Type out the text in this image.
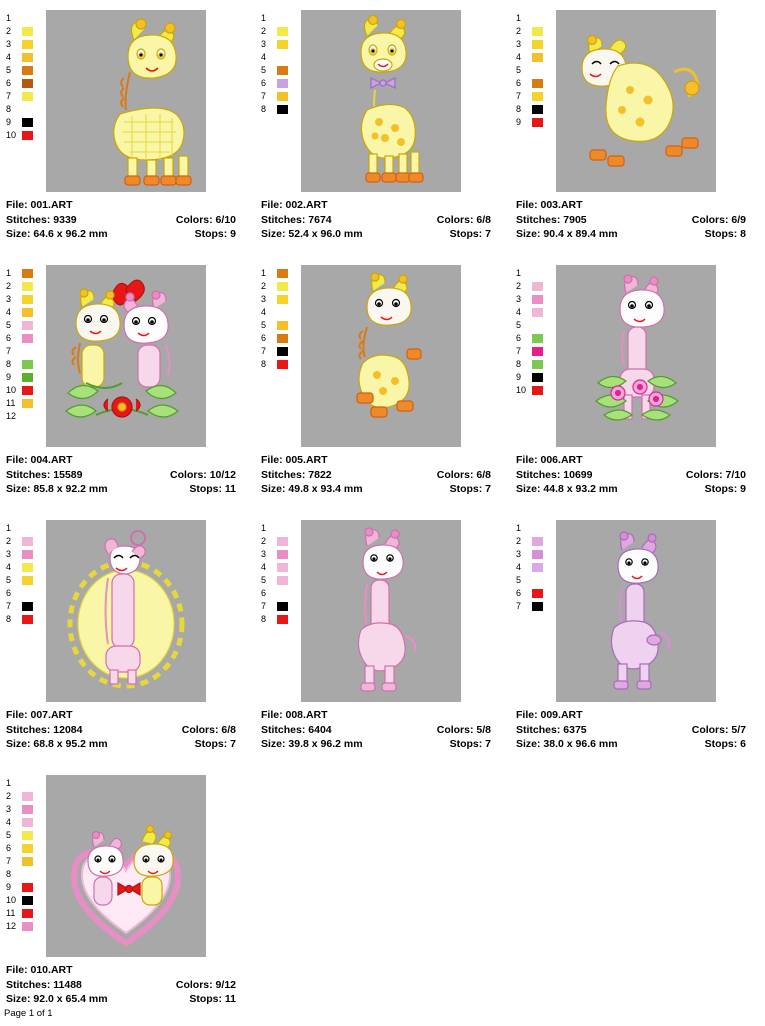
1
2
3
4
5
6
7
8
9
10
File: 001.ART
Stitches: 9339	Colors: 6/10
Size: 64.6 x 96.2 mm	Stops: 9
1
2
3
4
5
6
7
8
File: 002.ART
Stitches: 7674	Colors: 6/8
Size: 52.4 x 96.0 mm	Stops: 7
1
2
3
4
5
6
7
8
9
File: 003.ART
Stitches: 7905	Colors: 6/9
Size: 90.4 x 89.4 mm	Stops: 8
1
2
3
4
5
6
7
8
9
10
11
12
File: 004.ART
Stitches: 15589	Colors: 10/12
Size: 85.8 x 92.2 mm	Stops: 11
1
2
3
4
5
6
7
8
File: 005.ART
Stitches: 7822	Colors: 6/8
Size: 49.8 x 93.4 mm	Stops: 7
1
2
3
4
5
6
7
8
9
10
File: 006.ART
Stitches: 10699	Colors: 7/10
Size: 44.8 x 93.2 mm	Stops: 9
1
2
3
4
5
6
7
8
File: 007.ART
Stitches: 12084	Colors: 6/8
Size: 68.8 x 95.2 mm	Stops: 7
1
2
3
4
5
6
7
8
File: 008.ART
Stitches: 6404	Colors: 5/8
Size: 39.8 x 96.2 mm	Stops: 7
1
2
3
4
5
6
7
File: 009.ART
Stitches: 6375	Colors: 5/7
Size: 38.0 x 96.6 mm	Stops: 6
1
2
3
4
5
6
7
8
9
10
11
12
File: 010.ART
Stitches: 11488	Colors: 9/12
Size: 92.0 x 65.4 mm	Stops: 11
Page 1 of 1
